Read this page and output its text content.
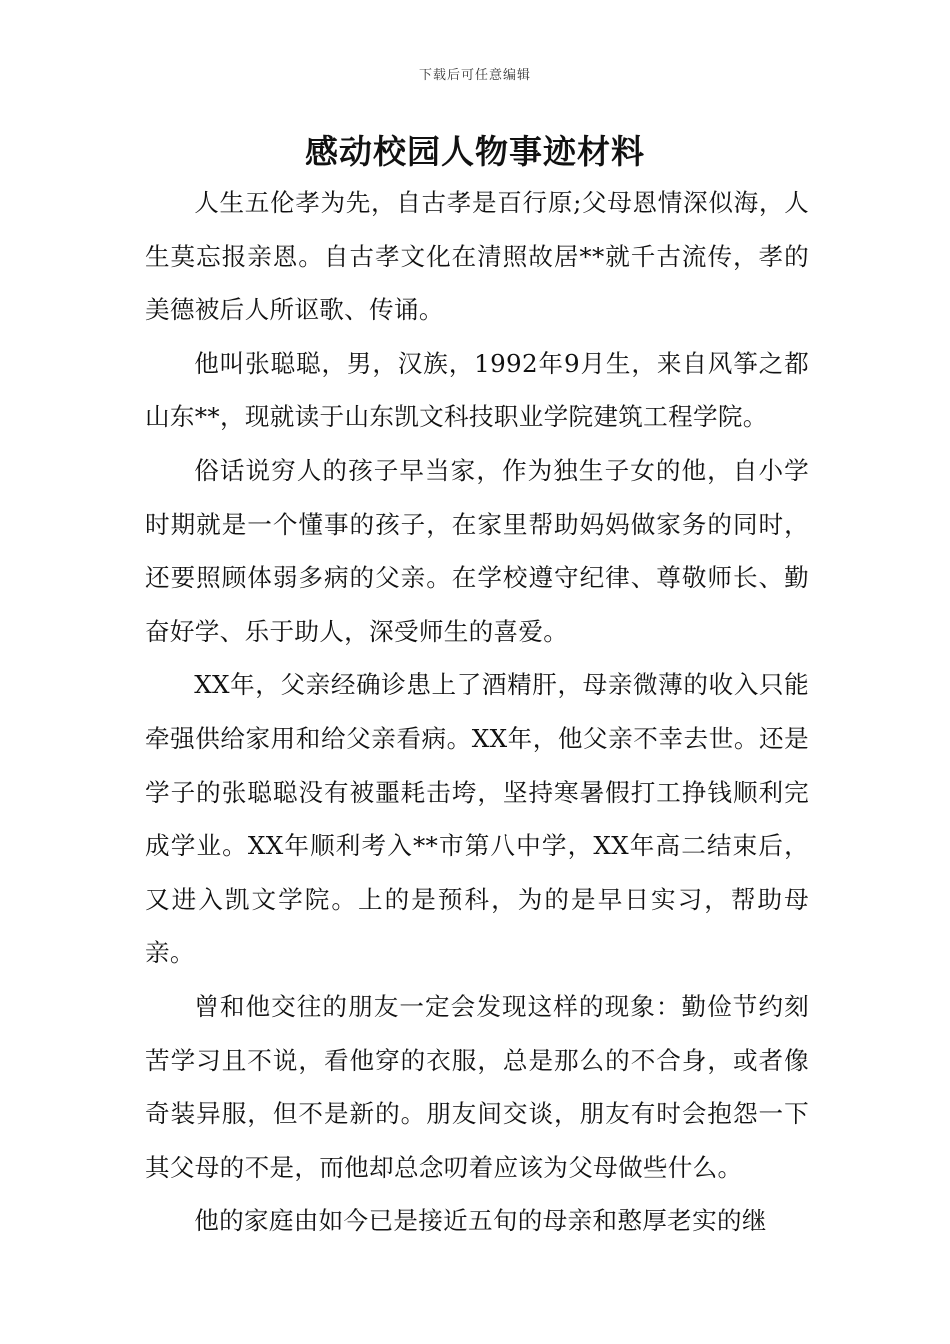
下载后可任意编辑
感动校园人物事迹材料

人生五伦孝为先，自古孝是百行原;父母恩情深似海，人生莫忘报亲恩。自古孝文化在清照故居**就千古流传，孝的美德被后人所讴歌、传诵。

他叫张聪聪，男，汉族，1992年9月生，来自风筝之都山东**，现就读于山东凯文科技职业学院建筑工程学院。

俗话说穷人的孩子早当家，作为独生子女的他，自小学时期就是一个懂事的孩子，在家里帮助妈妈做家务的同时，还要照顾体弱多病的父亲。在学校遵守纪律、尊敬师长、勤奋好学、乐于助人，深受师生的喜爱。

XX年，父亲经确诊患上了酒精肝，母亲微薄的收入只能牵强供给家用和给父亲看病。XX年，他父亲不幸去世。还是学子的张聪聪没有被噩耗击垮，坚持寒暑假打工挣钱顺利完成学业。XX年顺利考入**市第八中学，XX年高二结束后，又进入凯文学院。上的是预科，为的是早日实习，帮助母亲。

曾和他交往的朋友一定会发现这样的现象：勤俭节约刻苦学习且不说，看他穿的衣服，总是那么的不合身，或者像奇装异服，但不是新的。朋友间交谈，朋友有时会抱怨一下其父母的不是，而他却总念叨着应该为父母做些什么。

他的家庭由如今已是接近五旬的母亲和憨厚老实的继
